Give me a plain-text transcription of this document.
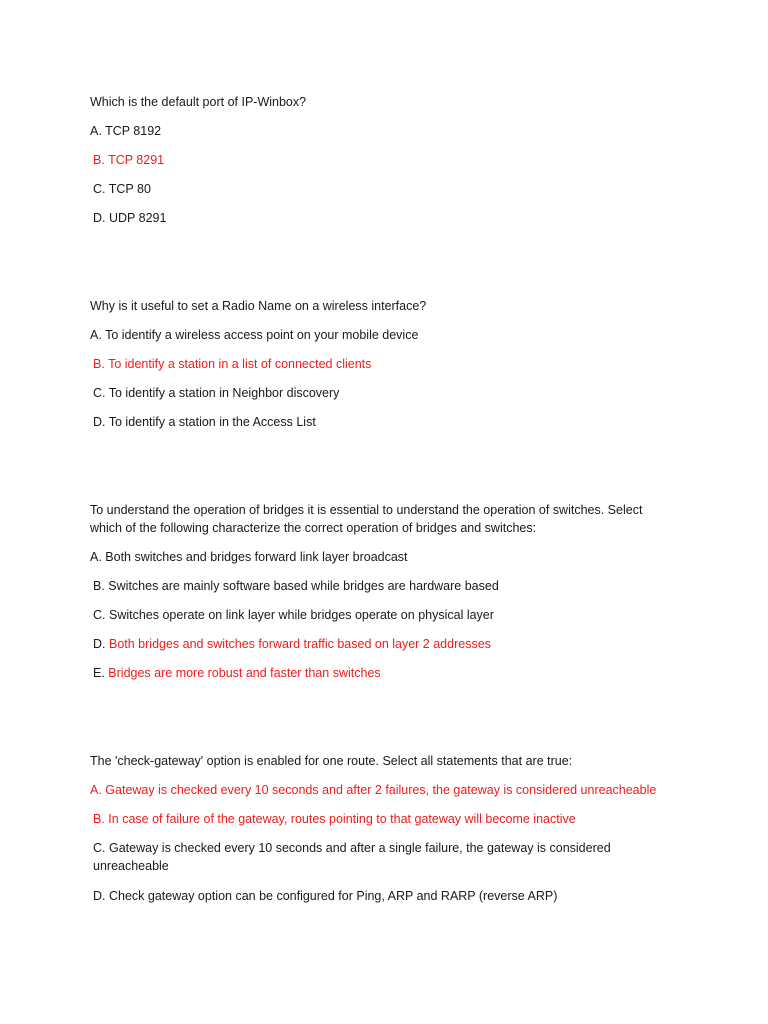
Which is the default port of IP-Winbox?
A. TCP 8192
B. TCP 8291
C. TCP 80
D. UDP 8291
Why is it useful to set a Radio Name on a wireless interface?
A. To identify a wireless access point on your mobile device
B. To identify a station in a list of connected clients
C. To identify a station in Neighbor discovery
D. To identify a station in the Access List
To understand the operation of bridges it is essential to understand the operation of switches. Select which of the following characterize the correct operation of bridges and switches:
A. Both switches and bridges forward link layer broadcast
B. Switches are mainly software based while bridges are hardware based
C. Switches operate on link layer while bridges operate on physical layer
D. Both bridges and switches forward traffic based on layer 2 addresses
E. Bridges are more robust and faster than switches
The 'check-gateway' option is enabled for one route. Select all statements that are true:
A. Gateway is checked every 10 seconds and after 2 failures, the gateway is considered unreacheable
B. In case of failure of the gateway, routes pointing to that gateway will become inactive
C. Gateway is checked every 10 seconds and after a single failure, the gateway is considered unreacheable
D. Check gateway option can be configured for Ping, ARP and RARP (reverse ARP)
